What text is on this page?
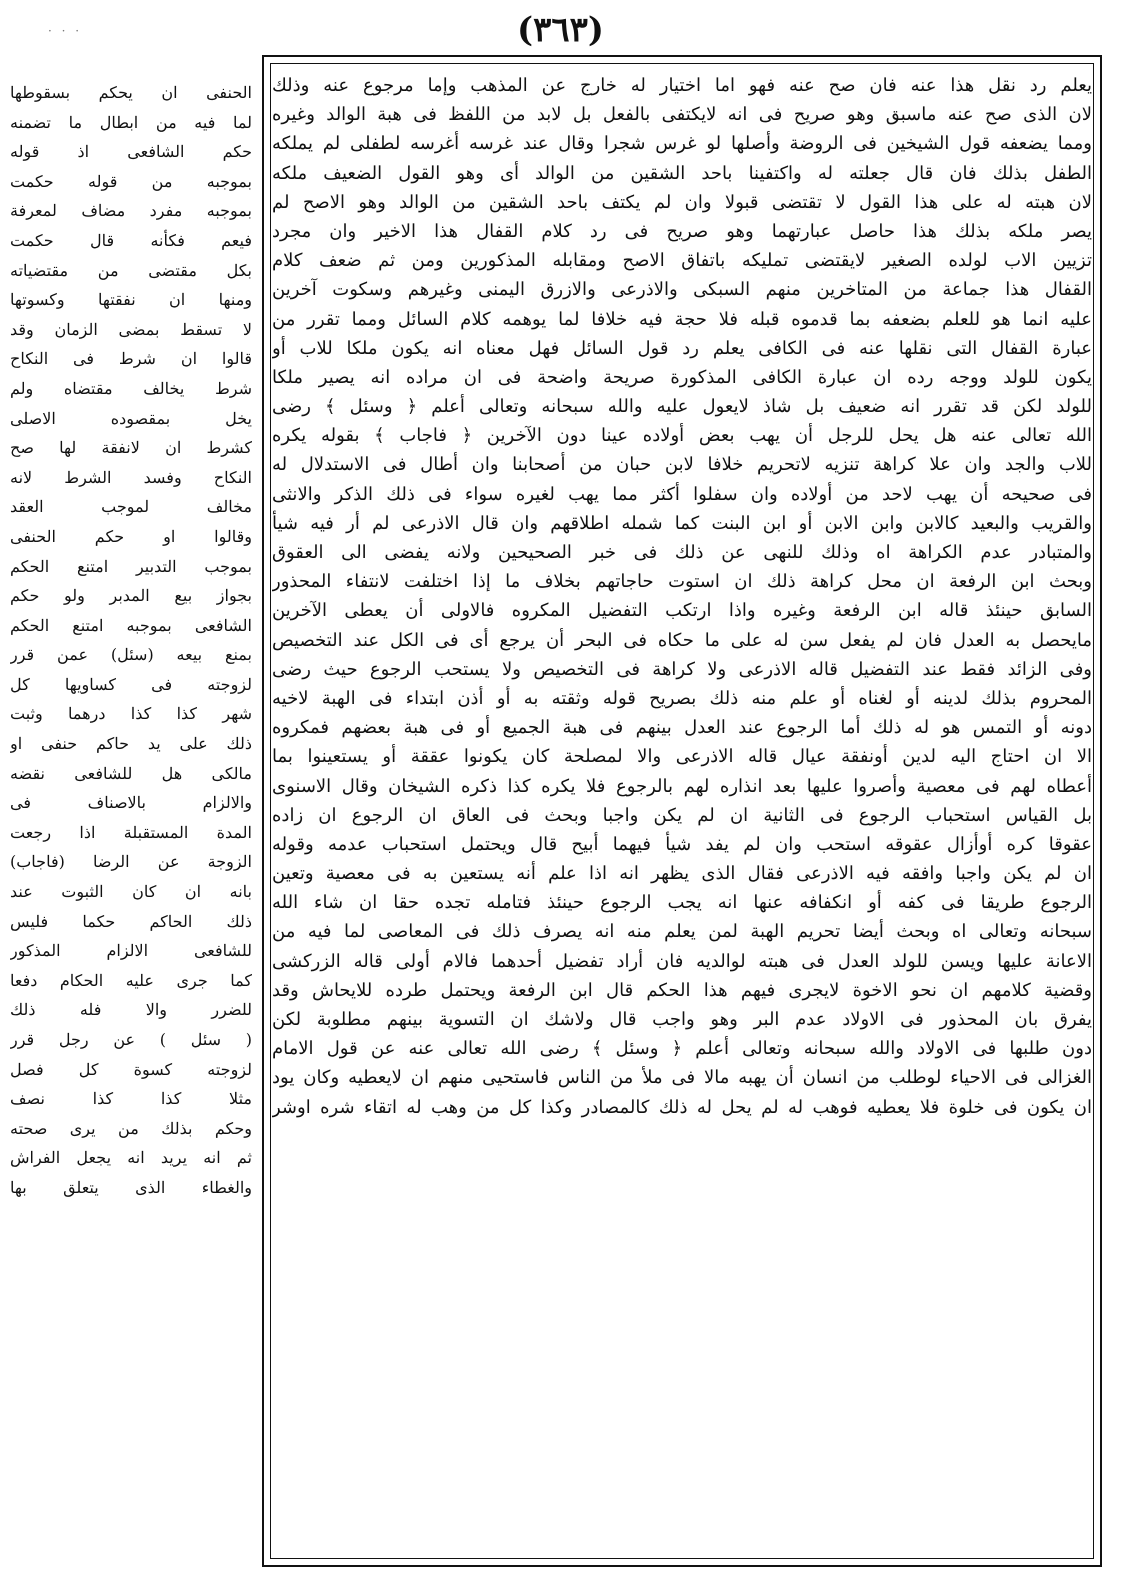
· · ·	(٣٦٣)
يعلم رد نقل هذا عنه فان صح عنه فهو اما اختيار له خارج عن المذهب وإما مرجوع عنه وذلك
لان الذى صح عنه ماسبق وهو صريح فى انه لايكتفى بالفعل بل لابد من اللفظ فى هبة الوالد وغيره
ومما يضعفه قول الشيخين فى الروضة وأصلها لو غرس شجرا وقال عند غرسه أغرسه لطفلى لم يملكه
الطفل بذلك فان قال جعلته له واكتفينا باحد الشقين من الوالد أى وهو القول الضعيف ملكه
لان هبته له على هذا القول لا تقتضى قبولا وان لم يكتف باحد الشقين من الوالد وهو الاصح لم
يصر ملكه بذلك هذا حاصل عبارتهما وهو صريح فى رد كلام القفال هذا الاخير وان مجرد
تزيين الاب لولده الصغير لايقتضى تمليكه باتفاق الاصح ومقابله المذكورين ومن ثم ضعف كلام
القفال هذا جماعة من المتاخرين منهم السبكى والاذرعى والازرق اليمنى وغيرهم وسكوت آخرين
عليه انما هو للعلم بضعفه بما قدموه قبله فلا حجة فيه خلافا لما يوهمه كلام السائل ومما تقرر من
عبارة القفال التى نقلها عنه فى الكافى يعلم رد قول السائل فهل معناه انه يكون ملكا للاب أو
يكون للولد ووجه رده ان عبارة الكافى المذكورة صريحة واضحة فى ان مراده انه يصير ملكا
للولد لكن قد تقرر انه ضعيف بل شاذ لايعول عليه والله سبحانه وتعالى أعلم ﴿ وسئل ﴾ رضى
الله تعالى عنه هل يحل للرجل أن يهب بعض أولاده عينا دون الآخرين ﴿ فاجاب ﴾ بقوله يكره
للاب والجد وان علا كراهة تنزيه لاتحريم خلافا لابن حبان من أصحابنا وان أطال فى الاستدلال له
فى صحيحه أن يهب لاحد من أولاده وان سفلوا أكثر مما يهب لغيره سواء فى ذلك الذكر والانثى
والقريب والبعيد كالابن وابن الابن أو ابن البنت كما شمله اطلاقهم وان قال الاذرعى لم أر فيه شيأ
والمتبادر عدم الكراهة اه وذلك للنهى عن ذلك فى خبر الصحيحين ولانه يفضى الى العقوق
وبحث ابن الرفعة ان محل كراهة ذلك ان استوت حاجاتهم بخلاف ما إذا اختلفت لانتفاء المحذور
السابق حينئذ قاله ابن الرفعة وغيره واذا ارتكب التفضيل المكروه فالاولى أن يعطى الآخرين
مايحصل به العدل فان لم يفعل سن له على ما حكاه فى البحر أن يرجع أى فى الكل عند التخصيص
وفى الزائد فقط عند التفضيل قاله الاذرعى ولا كراهة فى التخصيص ولا يستحب الرجوع حيث رضى
المحروم بذلك لدينه أو لغناه أو علم منه ذلك بصريح قوله وثقته به أو أذن ابتداء فى الهبة لاخيه
دونه أو التمس هو له ذلك أما الرجوع عند العدل بينهم فى هبة الجميع أو فى هبة بعضهم فمكروه
الا ان احتاج اليه لدين أونفقة عيال قاله الاذرعى والا لمصلحة كان يكونوا عققة أو يستعينوا بما
أعطاه لهم فى معصية وأصروا عليها بعد انذاره لهم بالرجوع فلا يكره كذا ذكره الشيخان وقال الاسنوى
بل القياس استحباب الرجوع فى الثانية ان لم يكن واجبا وبحث فى العاق ان الرجوع ان زاده
عقوقا كره أوأزال عقوقه استحب وان لم يفد شيأ فيهما أبيح قال ويحتمل استحباب عدمه وقوله
ان لم يكن واجبا وافقه فيه الاذرعى فقال الذى يظهر انه اذا علم أنه يستعين به فى معصية وتعين
الرجوع طريقا فى كفه أو انكفافه عنها انه يجب الرجوع حينئذ فتامله تجده حقا ان شاء الله
سبحانه وتعالى اه وبحث أيضا تحريم الهبة لمن يعلم منه انه يصرف ذلك فى المعاصى لما فيه من
الاعانة عليها ويسن للولد العدل فى هبته لوالديه فان أراد تفضيل أحدهما فالام أولى قاله الزركشى
وقضية كلامهم ان نحو الاخوة لايجرى فيهم هذا الحكم قال ابن الرفعة ويحتمل طرده للايحاش وقد
يفرق بان المحذور فى الاولاد عدم البر وهو واجب قال ولاشك ان التسوية بينهم مطلوبة لكن
دون طلبها فى الاولاد والله سبحانه وتعالى أعلم ﴿ وسئل ﴾ رضى الله تعالى عنه عن قول الامام
الغزالى فى الاحياء لوطلب من انسان أن يهبه مالا فى ملأ من الناس فاستحيى منهم ان لايعطيه وكان يود
ان يكون فى خلوة فلا يعطيه فوهب له لم يحل له ذلك كالمصادر وكذا كل من وهب له اتقاء شره اوشر
الحنفى ان يحكم بسقوطها
لما فيه من ابطال ما تضمنه
حكم الشافعى اذ قوله
بموجبه من قوله حكمت
بموجبه مفرد مضاف لمعرفة
فيعم فكأنه قال حكمت
بكل مقتضى من مقتضياته
ومنها ان نفقتها وكسوتها
لا تسقط بمضى الزمان وقد
قالوا ان شرط فى النكاح
شرط يخالف مقتضاه ولم
يخل بمقصوده الاصلى
كشرط ان لانفقة لها صح
النكاح وفسد الشرط لانه
مخالف لموجب العقد
وقالوا او حكم الحنفى
بموجب التدبير امتنع الحكم
بجواز بيع المدبر ولو حكم
الشافعى بموجبه امتنع الحكم
بمنع بيعه (سئل) عمن قرر
لزوجته فى كساويها كل
شهر كذا كذا درهما وثبت
ذلك على يد حاكم حنفى او
مالكى هل للشافعى نقضه
والالزام بالاصناف فى
المدة المستقبلة اذا رجعت
الزوجة عن الرضا (فاجاب)
بانه ان كان الثبوت عند
ذلك الحاكم حكما فليس
للشافعى الالزام المذكور
كما جرى عليه الحكام دفعا
للضرر والا فله ذلك
( سئل ) عن رجل قرر
لزوجته كسوة كل فصل
مثلا كذا كذا نصف
وحكم بذلك من يرى صحته
ثم انه يريد انه يجعل الفراش
والغطاء الذى يتعلق بها
